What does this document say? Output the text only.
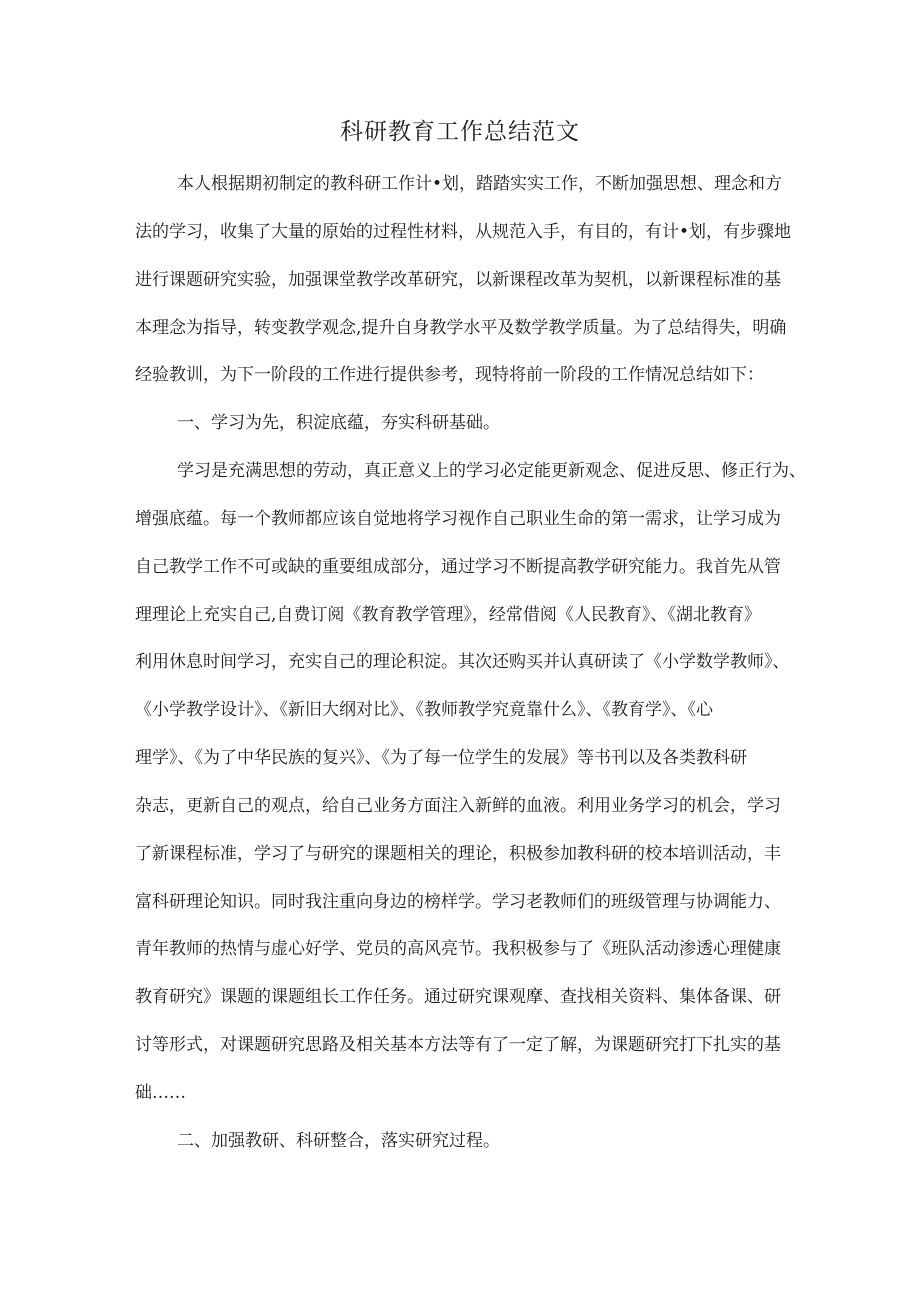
科研教育工作总结范文
本人根据期初制定的教科研工作计•划，踏踏实实工作，不断加强思想、理念和方
法的学习，收集了大量的原始的过程性材料，从规范入手，有目的，有计•划，有步骤地
进行课题研究实验，加强课堂教学改革研究，以新课程改革为契机，以新课程标准的基
本理念为指导，转变教学观念,提升自身教学水平及数学教学质量。为了总结得失，明确
经验教训，为下一阶段的工作进行提供参考，现特将前一阶段的工作情况总结如下：
一、学习为先，积淀底蕴，夯实科研基础。
学习是充满思想的劳动，真正意义上的学习必定能更新观念、促进反思、修正行为、
增强底蕴。每一个教师都应该自觉地将学习视作自己职业生命的第一需求，让学习成为
自己教学工作不可或缺的重要组成部分，通过学习不断提高教学研究能力。我首先从管
理理论上充实自己,自费订阅《教育教学管理》，经常借阅《人民教育》、《湖北教育》
利用休息时间学习，充实自己的理论积淀。其次还购买并认真研读了《小学数学教师》、
《小学教学设计》、《新旧大纲对比》、《教师教学究竟靠什么》、《教育学》、《心
理学》、《为了中华民族的复兴》、《为了每一位学生的发展》等书刊以及各类教科研
杂志，更新自己的观点，给自己业务方面注入新鲜的血液。利用业务学习的机会，学习
了新课程标准，学习了与研究的课题相关的理论，积极参加教科研的校本培训活动，丰
富科研理论知识。同时我注重向身边的榜样学。学习老教师们的班级管理与协调能力、
青年教师的热情与虚心好学、党员的高风亮节。我积极参与了《班队活动渗透心理健康
教育研究》课题的课题组长工作任务。通过研究课观摩、查找相关资料、集体备课、研
讨等形式，对课题研究思路及相关基本方法等有了一定了解，为课题研究打下扎实的基
础……
二、加强教研、科研整合，落实研究过程。
